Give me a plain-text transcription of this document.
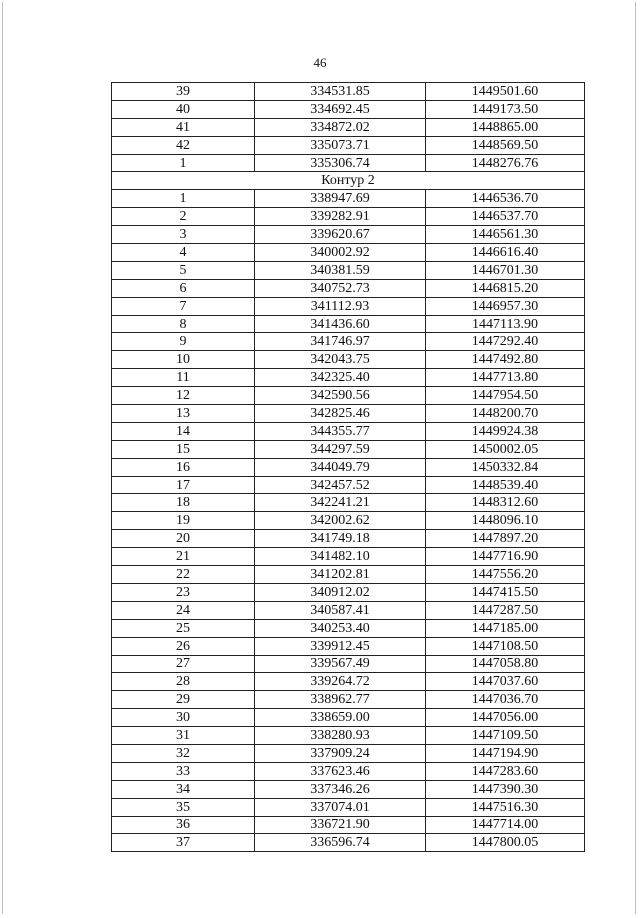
46
39	334531.85	1449501.60
40	334692.45	1449173.50
41	334872.02	1448865.00
42	335073.71	1448569.50
1	335306.74	1448276.76
Контур 2		
1	338947.69	1446536.70
2	339282.91	1446537.70
3	339620.67	1446561.30
4	340002.92	1446616.40
5	340381.59	1446701.30
6	340752.73	1446815.20
7	341112.93	1446957.30
8	341436.60	1447113.90
9	341746.97	1447292.40
10	342043.75	1447492.80
11	342325.40	1447713.80
12	342590.56	1447954.50
13	342825.46	1448200.70
14	344355.77	1449924.38
15	344297.59	1450002.05
16	344049.79	1450332.84
17	342457.52	1448539.40
18	342241.21	1448312.60
19	342002.62	1448096.10
20	341749.18	1447897.20
21	341482.10	1447716.90
22	341202.81	1447556.20
23	340912.02	1447415.50
24	340587.41	1447287.50
25	340253.40	1447185.00
26	339912.45	1447108.50
27	339567.49	1447058.80
28	339264.72	1447037.60
29	338962.77	1447036.70
30	338659.00	1447056.00
31	338280.93	1447109.50
32	337909.24	1447194.90
33	337623.46	1447283.60
34	337346.26	1447390.30
35	337074.01	1447516.30
36	336721.90	1447714.00
37	336596.74	1447800.05
